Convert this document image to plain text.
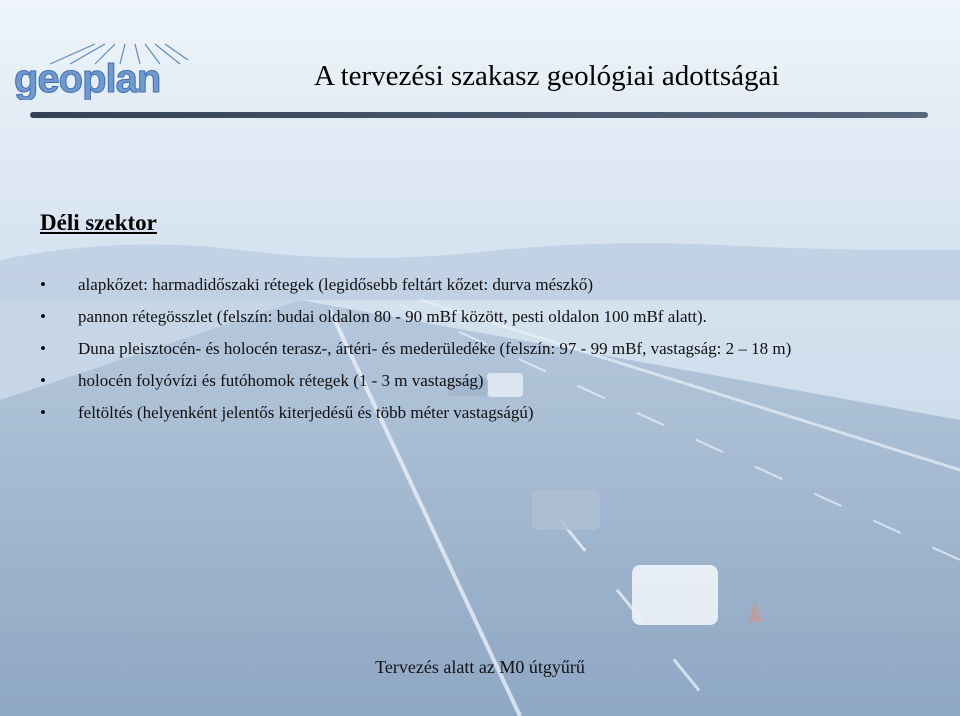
geoplan	A tervezési szakasz geológiai adottságai
Déli szektor
• alapkőzet: harmadidőszaki rétegek (legidősebb feltárt kőzet: durva mészkő)
• pannon rétegösszlet (felszín: budai oldalon 80 - 90 mBf között, pesti oldalon 100 mBf alatt).
• Duna pleisztocén- és holocén terasz-, ártéri- és mederüledéke (felszín: 97 - 99 mBf, vastagság: 2 – 18 m)
• holocén folyóvízi és futóhomok rétegek (1 - 3 m vastagság)
• feltöltés (helyenként jelentős kiterjedésű és több méter vastagságú)
Tervezés alatt az M0 útgyűrű
